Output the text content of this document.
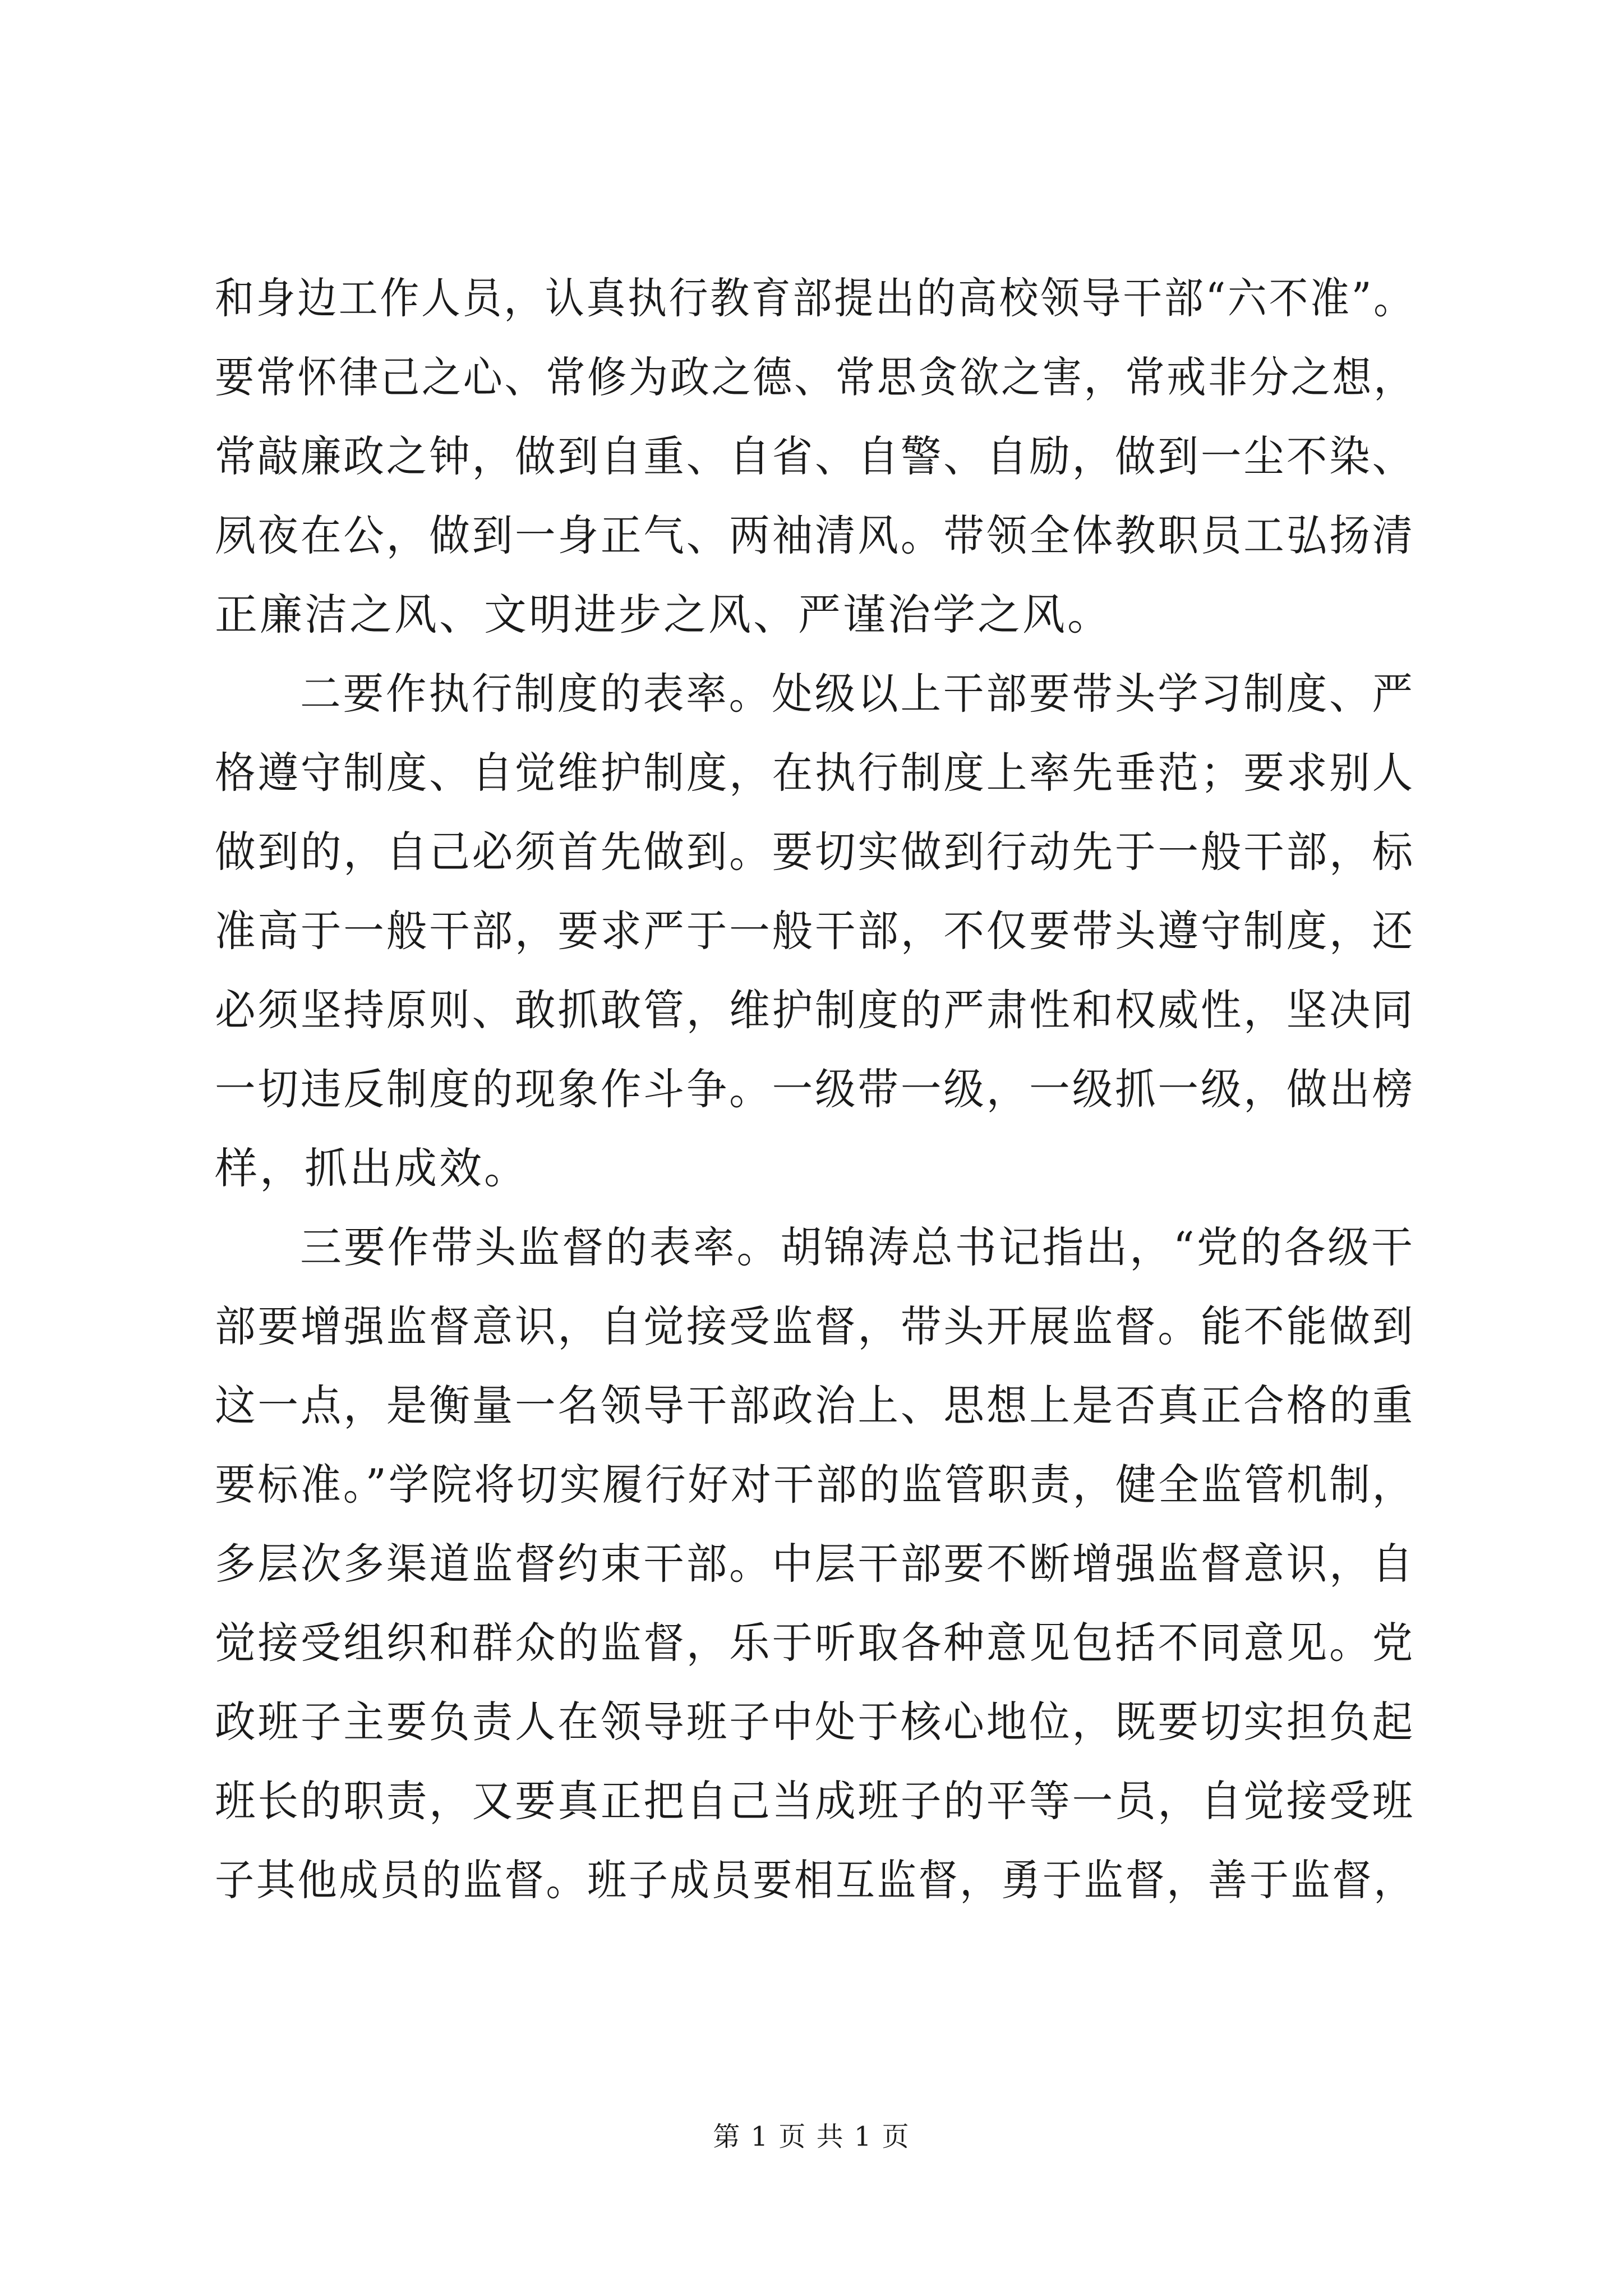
和身边工作人员，认真执行教育部提出的高校领导干部“六不准”。
要常怀律己之心、常修为政之德、常思贪欲之害，常戒非分之想，
常敲廉政之钟，做到自重、自省、自警、自励，做到一尘不染、
夙夜在公，做到一身正气、两袖清风。带领全体教职员工弘扬清
正廉洁之风、文明进步之风、严谨治学之风。
二要作执行制度的表率。处级以上干部要带头学习制度、严
格遵守制度、自觉维护制度，在执行制度上率先垂范；要求别人
做到的，自己必须首先做到。要切实做到行动先于一般干部，标
准高于一般干部，要求严于一般干部，不仅要带头遵守制度，还
必须坚持原则、敢抓敢管，维护制度的严肃性和权威性，坚决同
一切违反制度的现象作斗争。一级带一级，一级抓一级，做出榜
样，抓出成效。
三要作带头监督的表率。胡锦涛总书记指出，“党的各级干
部要增强监督意识，自觉接受监督，带头开展监督。能不能做到
这一点，是衡量一名领导干部政治上、思想上是否真正合格的重
要标准。”学院将切实履行好对干部的监管职责，健全监管机制，
多层次多渠道监督约束干部。中层干部要不断增强监督意识，自
觉接受组织和群众的监督，乐于听取各种意见包括不同意见。党
政班子主要负责人在领导班子中处于核心地位，既要切实担负起
班长的职责，又要真正把自己当成班子的平等一员，自觉接受班
子其他成员的监督。班子成员要相互监督，勇于监督，善于监督，
第 1 页 共 1 页
